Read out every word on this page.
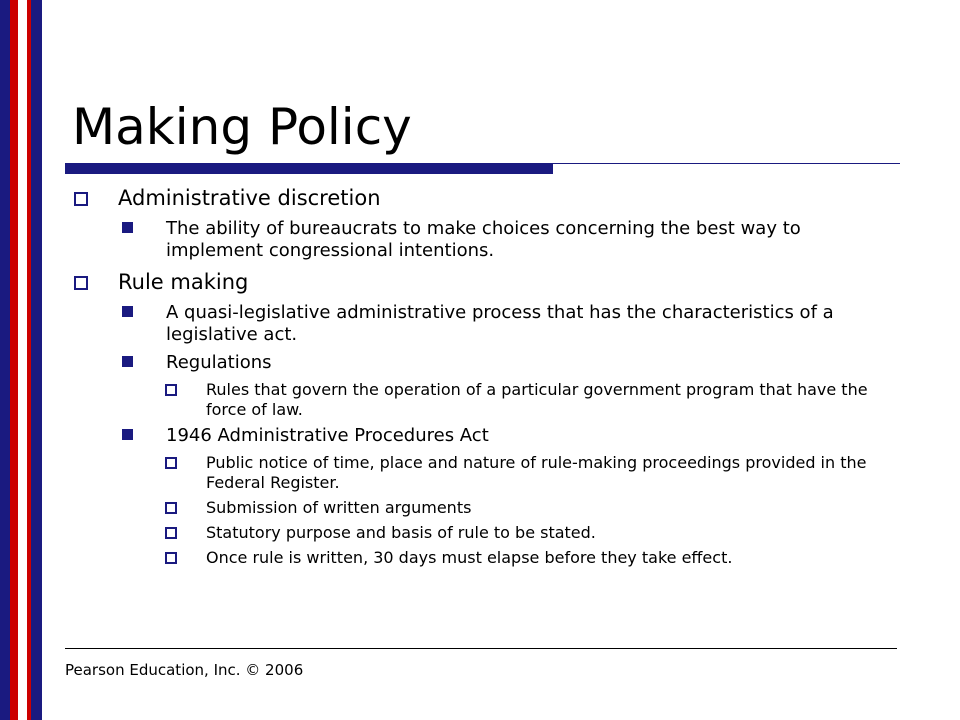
Making Policy
Administrative discretion
The ability of bureaucrats to make choices concerning the best way to implement congressional intentions.
Rule making
A quasi-legislative administrative process that has the characteristics of a legislative act.
Regulations
Rules that govern the operation of a particular government program that have the force of law.
1946 Administrative Procedures Act
Public notice of time, place and nature of rule-making proceedings provided in the Federal Register.
Submission of written arguments
Statutory purpose and basis of rule to be stated.
Once rule is written, 30 days must elapse before they take effect.
Pearson Education, Inc. © 2006
